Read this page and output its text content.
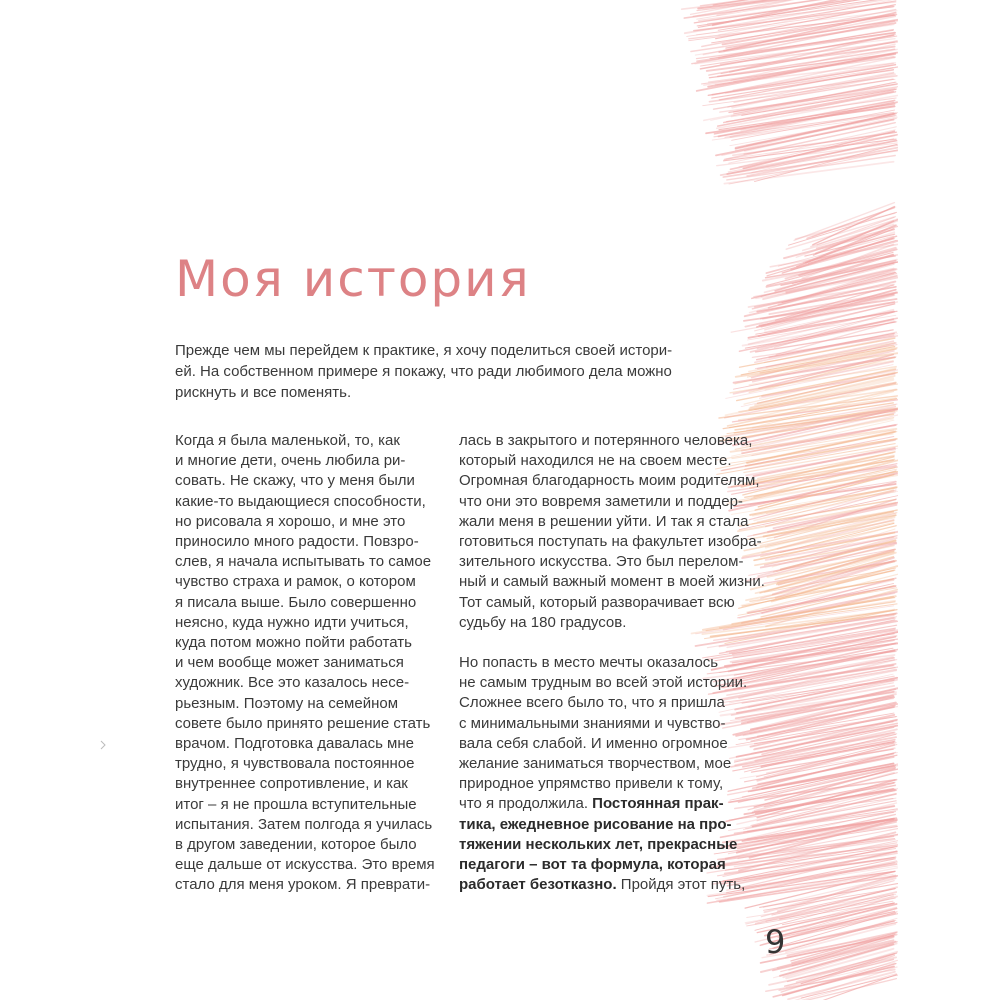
Моя история

Прежде чем мы перейдем к практике, я хочу поделиться своей истори-
ей. На собственном примере я покажу, что ради любимого дела можно
рискнуть и все поменять.

Когда я была маленькой, то, как
и многие дети, очень любила ри-
совать. Не скажу, что у меня были
какие-то выдающиеся способности,
но рисовала я хорошо, и мне это
приносило много радости. Повзро-
слев, я начала испытывать то самое
чувство страха и рамок, о котором
я писала выше. Было совершенно
неясно, куда нужно идти учиться,
куда потом можно пойти работать
и чем вообще может заниматься
художник. Все это казалось несе-
рьезным. Поэтому на семейном
совете было принято решение стать
врачом. Подготовка давалась мне
трудно, я чувствовала постоянное
внутреннее сопротивление, и как
итог – я не прошла вступительные
испытания. Затем полгода я училась
в другом заведении, которое было
еще дальше от искусства. Это время
стало для меня уроком. Я преврати-
лась в закрытого и потерянного человека,
который находился не на своем месте.
Огромная благодарность моим родителям,
что они это вовремя заметили и поддер-
жали меня в решении уйти. И так я стала
готовиться поступать на факультет изобра-
зительного искусства. Это был перелом-
ный и самый важный момент в моей жизни.
Тот самый, который разворачивает всю
судьбу на 180 градусов.
Но попасть в место мечты оказалось
не самым трудным во всей этой истории.
Сложнее всего было то, что я пришла
с минимальными знаниями и чувство-
вала себя слабой. И именно огромное
желание заниматься творчеством, мое
природное упрямство привели к тому,
что я продолжила. Постоянная прак-
тика, ежедневное рисование на про-
тяжении нескольких лет, прекрасные
педагоги – вот та формула, которая
работает безотказно. Пройдя этот путь,
9
